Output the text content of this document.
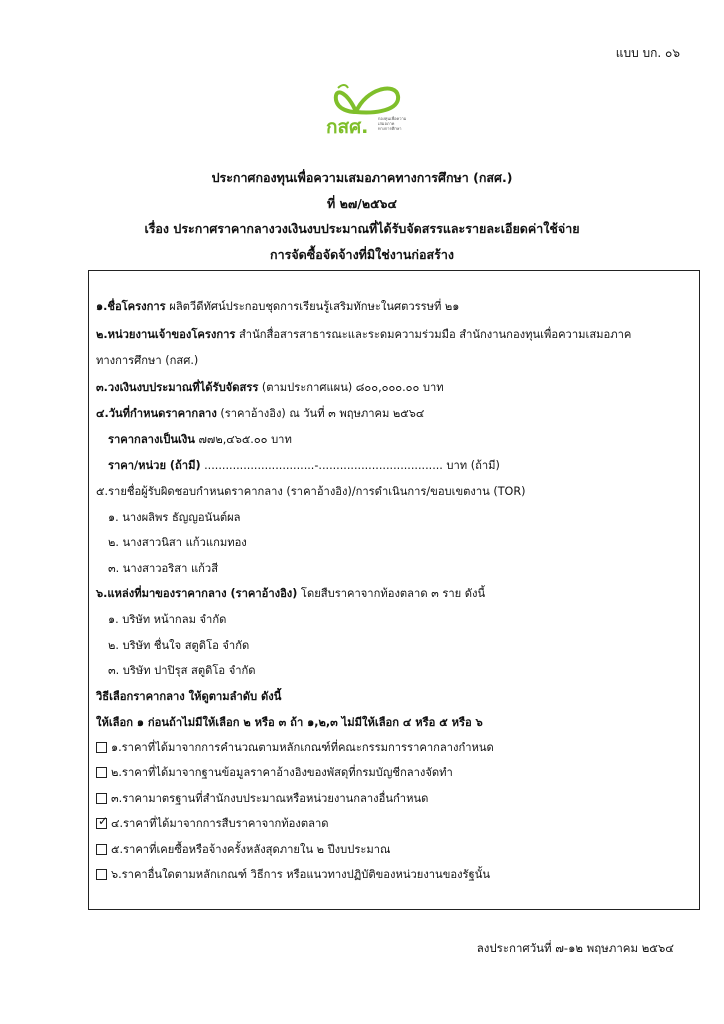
แบบ บก. ๐๖
กสศ. กองทุนเพื่อความเสมอภาคทางการศึกษา
ประกาศกองทุนเพื่อความเสมอภาคทางการศึกษา (กสศ.)
ที่ ๒๗/๒๕๖๔
เรื่อง ประกาศราคากลางวงเงินงบประมาณที่ได้รับจัดสรรและรายละเอียดค่าใช้จ่าย
การจัดซื้อจัดจ้างที่มิใช่งานก่อสร้าง
๑.ชื่อโครงการ ผลิตวีดีทัศน์ประกอบชุดการเรียนรู้เสริมทักษะในศตวรรษที่ ๒๑
๒.หน่วยงานเจ้าของโครงการ สำนักสื่อสารสาธารณะและระดมความร่วมมือ สำนักงานกองทุนเพื่อความเสมอภาค
ทางการศึกษา (กสศ.)
๓.วงเงินงบประมาณที่ได้รับจัดสรร (ตามประกาศแผน) ๘๐๐,๐๐๐.๐๐ บาท
๔.วันที่กำหนดราคากลาง (ราคาอ้างอิง) ณ วันที่ ๓ พฤษภาคม ๒๕๖๔
ราคากลางเป็นเงิน ๗๗๒,๔๖๕.๐๐ บาท
ราคา/หน่วย (ถ้ามี) ...............................-................................... บาท (ถ้ามี)
๕.รายชื่อผู้รับผิดชอบกำหนดราคากลาง (ราคาอ้างอิง)/การดำเนินการ/ขอบเขตงาน (TOR)
๑. นางผลิพร ธัญญอนันต์ผล
๒. นางสาวนิสา แก้วแกมทอง
๓. นางสาวอริสา แก้วสี
๖.แหล่งที่มาของราคากลาง (ราคาอ้างอิง) โดยสืบราคาจากท้องตลาด ๓ ราย ดังนี้
๑. บริษัท หน้ากลม จำกัด
๒. บริษัท ชื่นใจ สตูดิโอ จำกัด
๓. บริษัท ปาปิรุส สตูดิโอ จำกัด
วิธีเลือกราคากลาง ให้ดูตามลำดับ ดังนี้
ให้เลือก ๑ ก่อนถ้าไม่มีให้เลือก ๒ หรือ ๓ ถ้า ๑,๒,๓ ไม่มีให้เลือก ๔ หรือ ๕ หรือ ๖
๑.ราคาที่ได้มาจากการคำนวณตามหลักเกณฑ์ที่คณะกรรมการราคากลางกำหนด
๒.ราคาที่ได้มาจากฐานข้อมูลราคาอ้างอิงของพัสดุที่กรมบัญชีกลางจัดทำ
๓.ราคามาตรฐานที่สำนักงบประมาณหรือหน่วยงานกลางอื่นกำหนด
✓ ๔.ราคาที่ได้มาจากการสืบราคาจากท้องตลาด
๕.ราคาที่เคยซื้อหรือจ้างครั้งหลังสุดภายใน ๒ ปีงบประมาณ
๖.ราคาอื่นใดตามหลักเกณฑ์ วิธีการ หรือแนวทางปฏิบัติของหน่วยงานของรัฐนั้น
ลงประกาศวันที่ ๗-๑๒ พฤษภาคม ๒๕๖๔
